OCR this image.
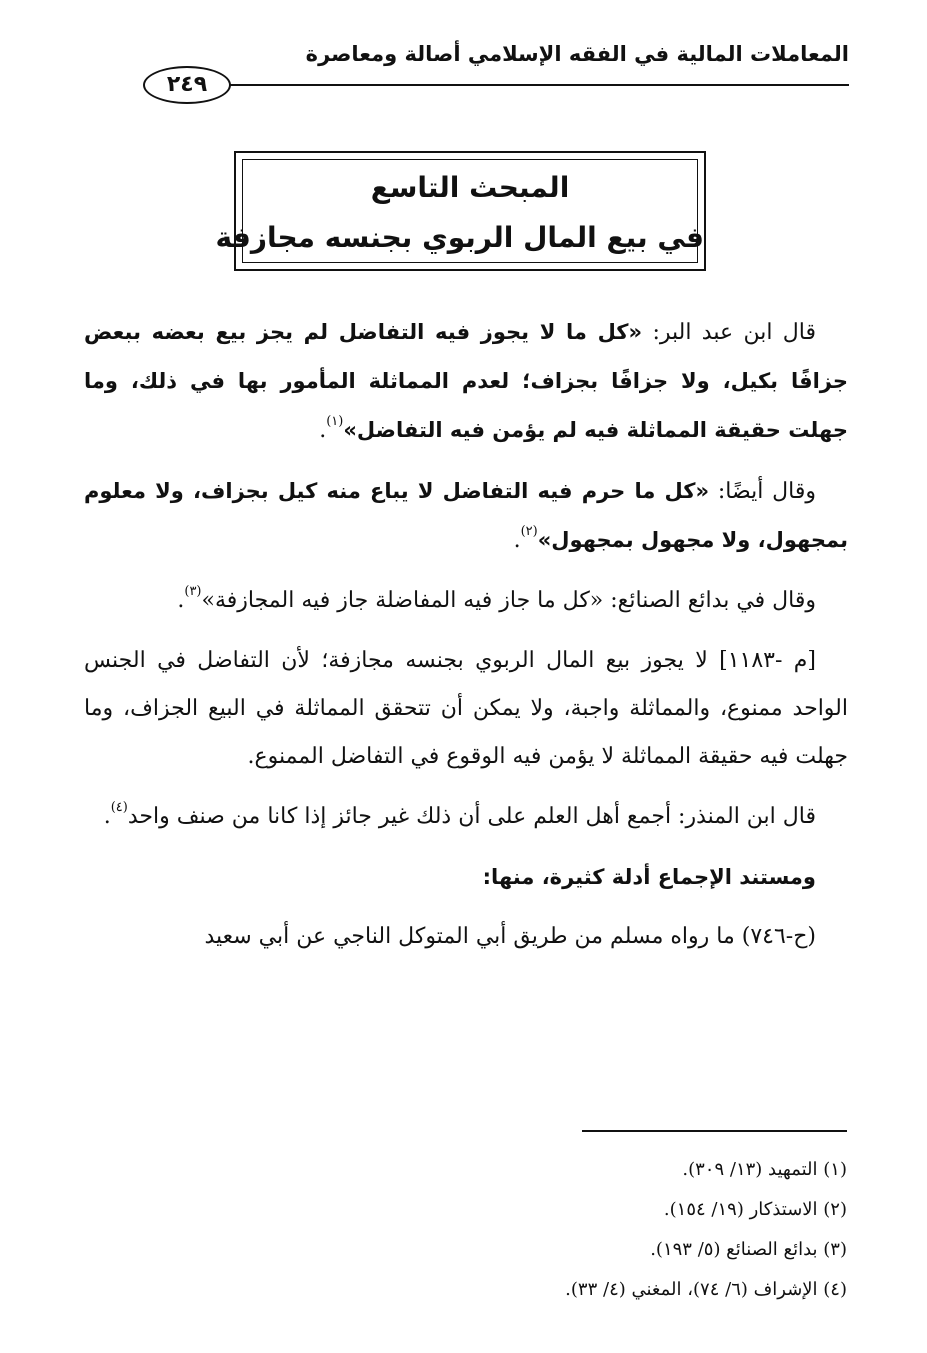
المعاملات المالية في الفقه الإسلامي أصالة ومعاصرة
٢٤٩
المبحث التاسع
في بيع المال الربوي بجنسه مجازفة

قال ابن عبد البر: «كل ما لا يجوز فيه التفاضل لم يجز بيع بعضه ببعض جزافًا بكيل، ولا جزافًا بجزاف؛ لعدم المماثلة المأمور بها في ذلك، وما جهلت حقيقة المماثلة فيه لم يؤمن فيه التفاضل»$^{(١)}$.

وقال أيضًا: «كل ما حرم فيه التفاضل لا يباع منه كيل بجزاف، ولا معلوم بمجهول، ولا مجهول بمجهول»$^{(٢)}$.

وقال في بدائع الصنائع: «كل ما جاز فيه المفاضلة جاز فيه المجازفة»$^{(٣)}$.

[م -١١٨٣] لا يجوز بيع المال الربوي بجنسه مجازفة؛ لأن التفاضل في الجنس الواحد ممنوع، والمماثلة واجبة، ولا يمكن أن تتحقق المماثلة في البيع الجزاف، وما جهلت فيه حقيقة المماثلة لا يؤمن فيه الوقوع في التفاضل الممنوع.

قال ابن المنذر: أجمع أهل العلم على أن ذلك غير جائز إذا كانا من صنف واحد$^{(٤)}$.

ومستند الإجماع أدلة كثيرة، منها:

(ح-٧٤٦) ما رواه مسلم من طريق أبي المتوكل الناجي عن أبي سعيد

(١) التمهيد (١٣/ ٣٠٩).
(٢) الاستذكار (١٩/ ١٥٤).
(٣) بدائع الصنائع (٥/ ١٩٣).
(٤) الإشراف (٦/ ٧٤)، المغني (٤/ ٣٣).
